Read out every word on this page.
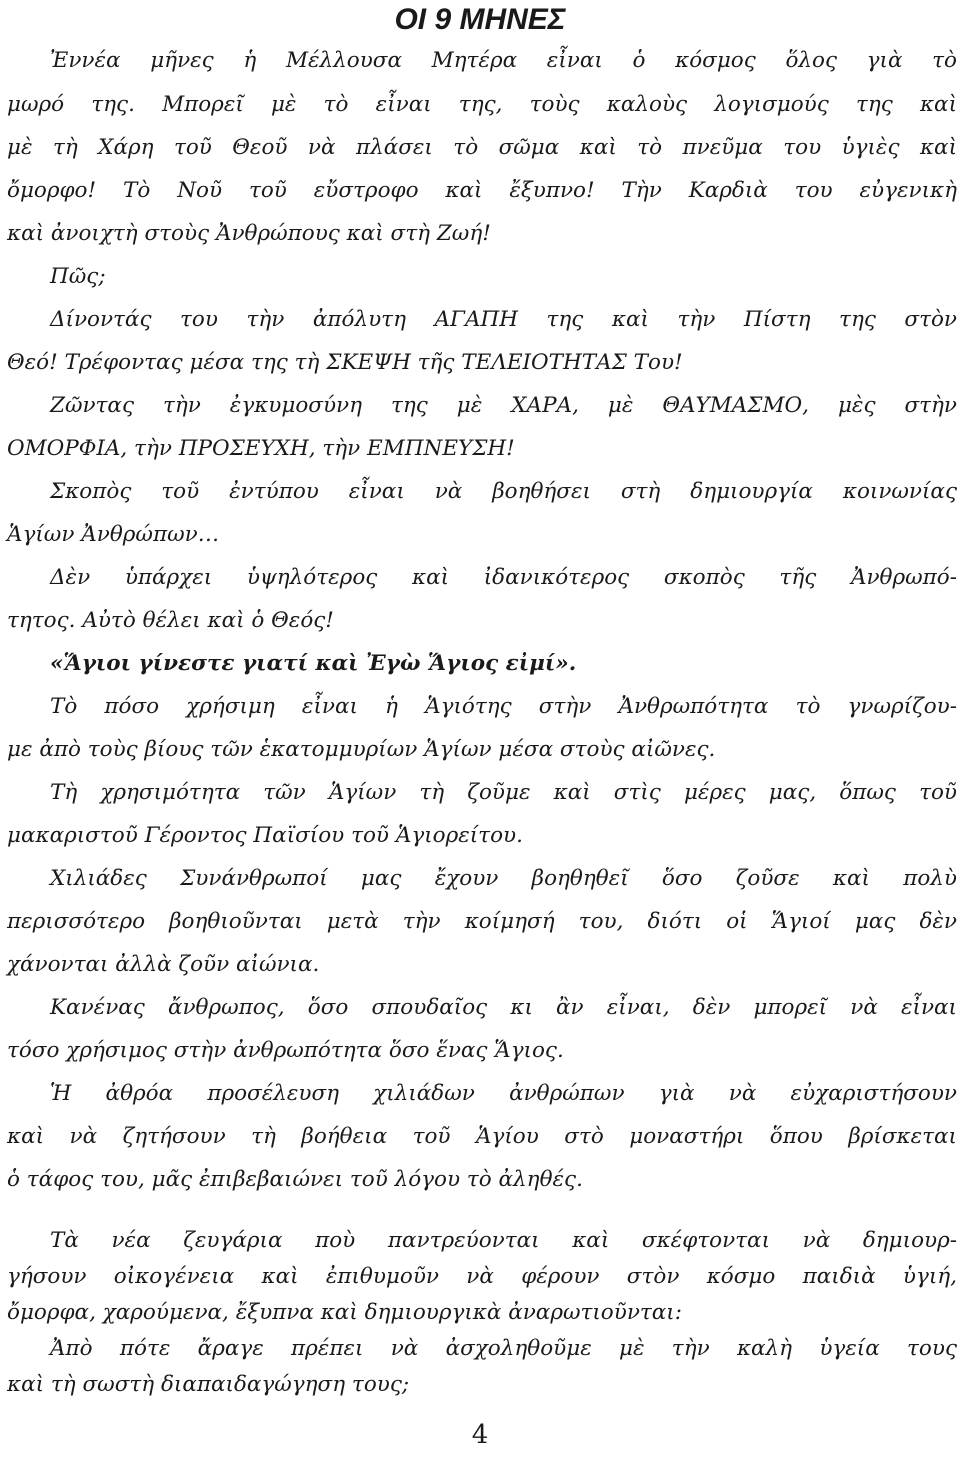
ΟΙ 9 ΜΗΝΕΣ

Ἐννέα μῆνες ἡ Μέλλουσα Μητέρα εἶναι ὁ κόσμος ὅλος γιὰ τὸ

μωρό της. Μπορεῖ μὲ τὸ εἶναι της, τοὺς καλοὺς λογισμούς της καὶ

μὲ τὴ Χάρη τοῦ Θεοῦ νὰ πλάσει τὸ σῶμα καὶ τὸ πνεῦμα του ὑγιὲς καὶ

ὄμορφο! Τὸ Νοῦ τοῦ εὔστροφο καὶ ἔξυπνο! Τὴν Καρδιὰ του εὐγενικὴ

καὶ ἀνοιχτὴ στοὺς Ἀνθρώπους καὶ στὴ Ζωή!

Πῶς;

Δίνοντάς του τὴν ἀπόλυτη ΑΓΑΠΗ της καὶ τὴν Πίστη της στὸν

Θεό! Τρέφοντας μέσα της τὴ ΣΚΕΨΗ τῆς ΤΕΛΕΙΟΤΗΤΑΣ Του!

Ζῶντας τὴν ἐγκυμοσύνη της μὲ ΧΑΡΑ, μὲ ΘΑΥΜΑΣΜΟ, μὲς στὴν

ΟΜΟΡΦΙΑ, τὴν ΠΡΟΣΕΥΧΗ, τὴν ΕΜΠΝΕΥΣΗ!

Σκοπὸς τοῦ ἐντύπου εἶναι νὰ βοηθήσει στὴ δημιουργία κοινωνίας

Ἁγίων Ἀνθρώπων…

Δὲν ὑπάρχει ὑψηλότερος καὶ ἰδανικότερος σκοπὸς τῆς Ἀνθρωπό-

τητος. Αὐτὸ θέλει καὶ ὁ Θεός!

«Ἅγιοι γίνεστε γιατί καὶ Ἐγὼ Ἅγιος εἰμί».

Τὸ πόσο χρήσιμη εἶναι ἡ Ἁγιότης στὴν Ἀνθρωπότητα τὸ γνωρίζου-

με ἀπὸ τοὺς βίους τῶν ἑκατομμυρίων Ἁγίων μέσα στοὺς αἰῶνες.

Τὴ χρησιμότητα τῶν Ἁγίων τὴ ζοῦμε καὶ στὶς μέρες μας, ὅπως τοῦ

μακαριστοῦ Γέροντος Παϊσίου τοῦ Ἁγιορείτου.

Χιλιάδες Συνάνθρωποί μας ἔχουν βοηθηθεῖ ὅσο ζοῦσε καὶ πολὺ

περισσότερο βοηθιοῦνται μετὰ τὴν κοίμησή του, διότι οἱ Ἅγιοί μας δὲν

χάνονται ἀλλὰ ζοῦν αἰώνια.

Κανένας ἄνθρωπος, ὅσο σπουδαῖος κι ἂν εἶναι, δὲν μπορεῖ νὰ εἶναι

τόσο χρήσιμος στὴν ἀνθρωπότητα ὅσο ἕνας Ἅγιος.

Ἡ ἀθρόα προσέλευση χιλιάδων ἀνθρώπων γιὰ νὰ εὐχαριστήσουν

καὶ νὰ ζητήσουν τὴ βοήθεια τοῦ Ἁγίου στὸ μοναστήρι ὅπου βρίσκεται

ὁ τάφος του, μᾶς ἐπιβεβαιώνει τοῦ λόγου τὸ ἀληθές.

Τὰ νέα ζευγάρια ποὺ παντρεύονται καὶ σκέφτονται νὰ δημιουρ-

γήσουν οἰκογένεια καὶ ἐπιθυμοῦν νὰ φέρουν στὸν κόσμο παιδιὰ ὑγιή,

ὄμορφα, χαρούμενα, ἔξυπνα καὶ δημιουργικὰ ἀναρωτιοῦνται:

Ἀπὸ πότε ἄραγε πρέπει νὰ ἀσχοληθοῦμε μὲ τὴν καλὴ ὑγεία τους

καὶ τὴ σωστὴ διαπαιδαγώγηση τους;

4
